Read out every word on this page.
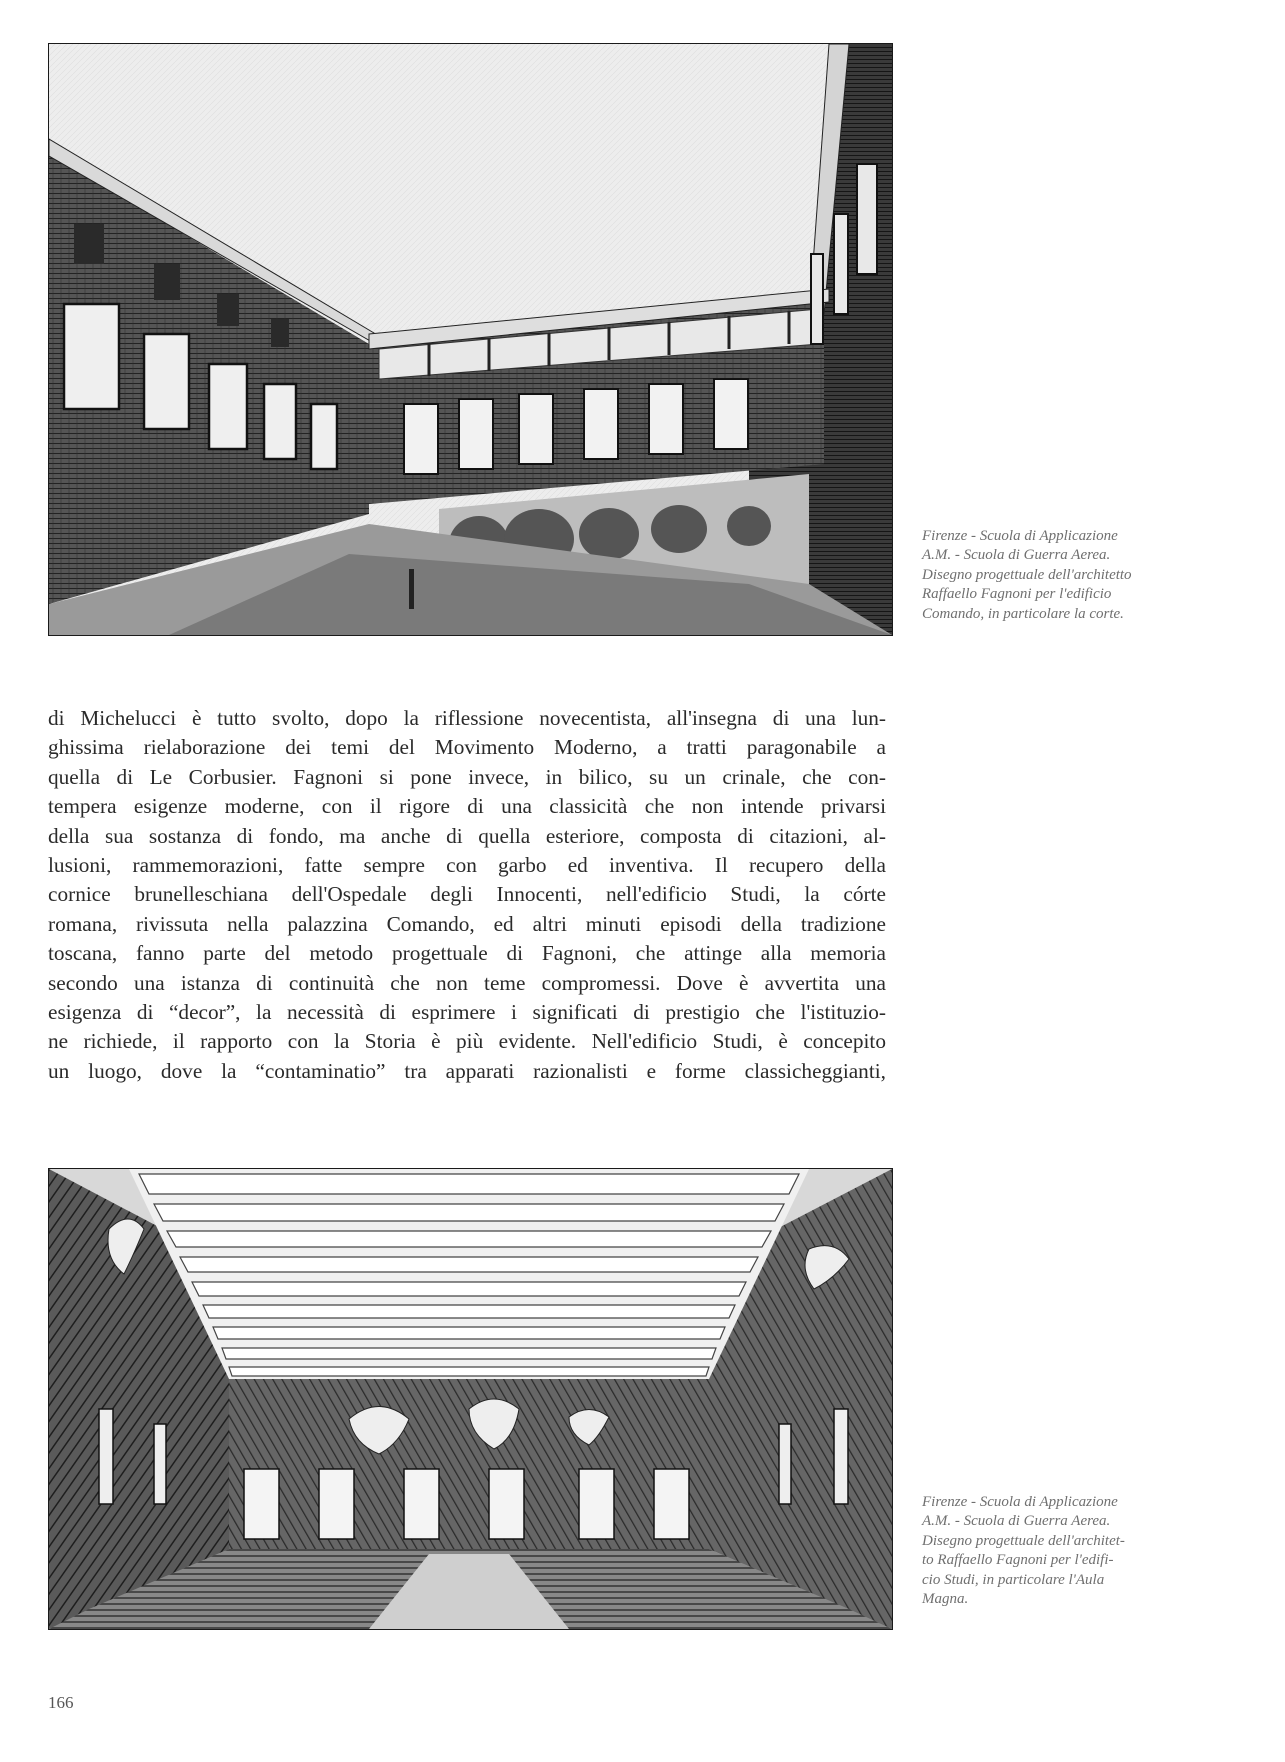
Firenze - Scuola di Applicazione
A.M. - Scuola di Guerra Aerea.
Disegno progettuale dell'architetto
Raffaello Fagnoni per l'edificio
Comando, in particolare la corte.
di Michelucci è tutto svolto, dopo la riflessione novecentista, all'insegna di una lun-
ghissima rielaborazione dei temi del Movimento Moderno, a tratti paragonabile a
quella di Le Corbusier. Fagnoni si pone invece, in bilico, su un crinale, che con-
tempera esigenze moderne, con il rigore di una classicità che non intende privarsi
della sua sostanza di fondo, ma anche di quella esteriore, composta di citazioni, al-
lusioni, rammemorazioni, fatte sempre con garbo ed inventiva. Il recupero della
cornice brunelleschiana dell'Ospedale degli Innocenti, nell'edificio Studi, la córte
romana, rivissuta nella palazzina Comando, ed altri minuti episodi della tradizione
toscana, fanno parte del metodo progettuale di Fagnoni, che attinge alla memoria
secondo una istanza di continuità che non teme compromessi. Dove è avvertita una
esigenza di “decor”, la necessità di esprimere i significati di prestigio che l'istituzio-
ne richiede, il rapporto con la Storia è più evidente. Nell'edificio Studi, è concepito
un luogo, dove la “contaminatio” tra apparati razionalisti e forme classicheggianti,
Firenze - Scuola di Applicazione
A.M. - Scuola di Guerra Aerea.
Disegno progettuale dell'architet-
to Raffaello Fagnoni per l'edifi-
cio Studi, in particolare l'Aula
Magna.
166
